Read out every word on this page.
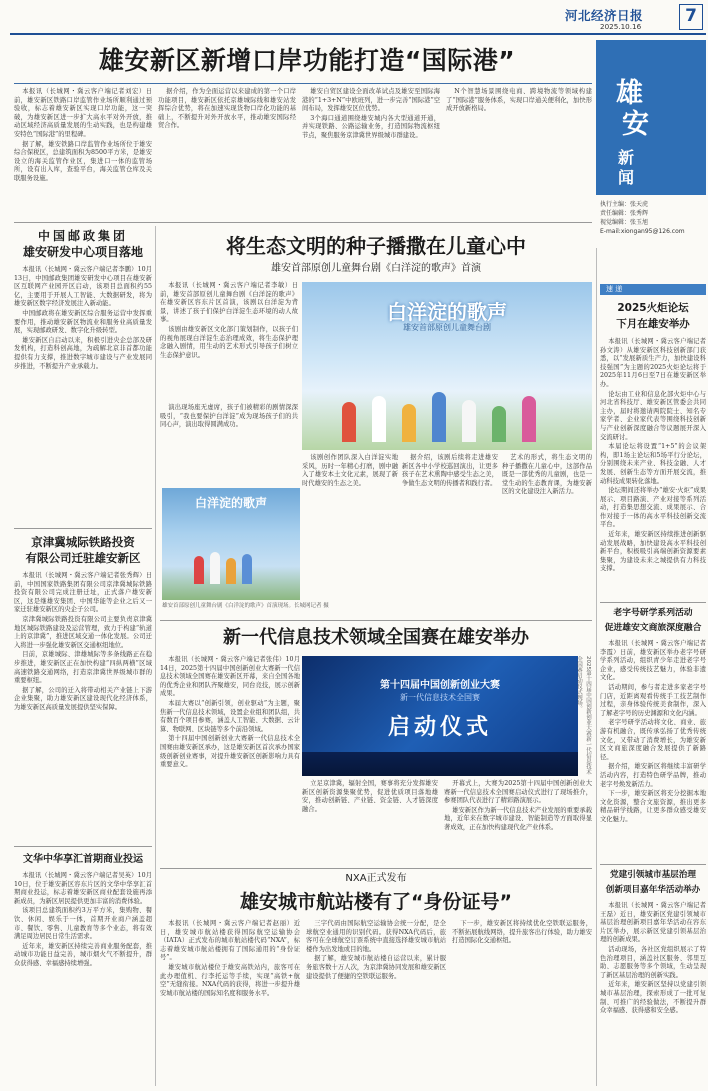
河北经济日报
2025.10.16
7
雄
安
新
闻
执行主编：张天虎
责任编辑：张秀辉
视觉编辑：张玉旭
E-mail:xiongan95@126.com
速 递
雄安新区新增口岸功能打造“国际港”

本报讯（长城网・冀云客户端记者刘宏）日前，雄安新区铁路口岸监管作业场所顺利通过预验收，标志着雄安新区实现口岸功能，这一突破，为雄安新区进一步扩大高水平对外开放，推动区域经济高质量发展的生动实践，也是构建雄安特色“国际港”的里程碑。

据了解，雄安铁路口岸监管作业场所位于雄安综合保税区，总建筑面积为8500平方米，是雄安设立的海关监管作业区，集进口一体的监管场所，设有出入库，查验平台，海关监管仓库及关联服务设施。

据介绍，作为全面运营以来建成的第一个口岸功能项目，雄安新区依托京雄城际线和雄安站发挥综合优势，将在加速实现货物口岸化功能的基础上，不断提升对外开放水平，推动雄安国际经贸合作。

雄安自贸区建设全面改革试点及雄安至国际海港的“1+3+N”中欧班列，进一步完善“国际港”空间布局，发挥雄安区位优势。

3个海口通道围绕雄安城内各大型通道开通，并实现铁路、公路运输业务，打造国际物流枢纽节点，聚焦服务京津冀世界级城市群建设。

N个智慧场景围绕电商、跨境物流等领域构建了“国际港”服务体系，实现口岸通关便利化，加快形成开放新格局。

中国邮政集团
雄安研发中心项目落地

本报讯（长城网・冀云客户端记者李鹏）10月13日，中国邮政集团雄安研发中心项目在雄安新区互联网产业园开区启动，该项目总面积约55亿，主要用于开展人工智能、大数据研发，将为雄安新区数字经济发展注入新动能。

中国邮政将在雄安新区综合服务运营中发挥重要作用，推动雄安新区物流业和服务业高质量发展，实现邮政研发、数字化升级转型。

雄安新区自启动以来，积极引进央企总部及研发机构，打造科创高地，为疏解北京非首都功能提供有力支撑，推进数字城市建设与产业发展同步推进，不断提升产业承载力。

京津冀城际铁路投资
有限公司迁驻雄安新区

本报讯（长城网・冀云客户端记者张秀辉）日前，中国国家铁路集团有限公司京津冀城际铁路投资有限公司完成注册迁址，正式落户雄安新区，这是继雄安集团、中国华能等企业之后又一家迁驻雄安新区的央企子公司。

京津冀城际铁路投资有限公司主要负责京津冀地区城际铁路建设及运营管理，致力于构建“轨道上的京津冀”，推进区域交通一体化发展。公司迁入将进一步强化雄安新区交通枢纽地位。

目前，京雄城际、津雄城际等多条线路正在稳步推进，雄安新区正在加快构建“四纵两横”区域高速铁路交通网络，打造京津冀世界级城市群的重要枢纽。

据了解，公司的迁入将带动相关产业链上下游企业集聚，助力雄安新区建设现代化经济体系，为雄安新区高质量发展提供坚实保障。

文华中华享汇首期商业投运

本报讯（长城网・冀云客户端记者吴英）10月10日，位于雄安新区容东片区的文华中华享汇首期商业投运，标志着雄安新区商业配套设施再添新成员，为新区居民提供更加丰富的消费体验。

该项目总建筑面积约3万平方米，集购物、餐饮、休闲、娱乐于一体，首期开业商户涵盖超市、餐饮、零售、儿童教育等多个业态，将有效满足周边居民日常生活需求。

近年来，雄安新区持续完善商业服务配套，推动城市功能日益完善，城市烟火气不断提升，群众获得感、幸福感持续增强。

将生态文明的种子播撒在儿童心中
雄安首部原创儿童舞台剧《白洋淀的歌声》首演

本报讯（长城网・冀云客户端记者李敏）日前，雄安首部原创儿童舞台剧《白洋淀的歌声》在雄安新区容东片区首演，该剧以白洋淀为背景，讲述了孩子们保护白洋淀生态环境的动人故事。

该剧由雄安新区文化部门策划制作，以孩子们的视角展现白洋淀生态治理成效，将生态保护理念融入剧情，用生动的艺术形式引导孩子们树立生态保护意识。

演出现场座无虚席，孩子们被精彩的剧情深深吸引，“我也要保护白洋淀”成为现场孩子们的共同心声，演出取得圆满成功。

白洋淀的歌声
白洋淀的歌声
雄安首部原创儿童舞台剧
雄安首部原创儿童舞台剧《白洋淀的歌声》首演现场。长城网记者 摄

该剧创作团队深入白洋淀实地采风，历时一年精心打磨，剧中融入了雄安本土文化元素，展现了新时代雄安的生态之美。

据介绍，该剧后续将走进雄安新区各中小学校巡回演出，让更多孩子在艺术熏陶中感受生态之美，争做生态文明的传播者和践行者。

艺术的形式，将生态文明的种子播撒在儿童心中，这部作品既是一部优秀的儿童剧，也是一堂生动的生态教育课，为雄安新区的文化建设注入新活力。

新一代信息技术领域全国赛在雄安举办

本报讯（长城网・冀云客户端记者张伟）10月14日，2025第十四届中国创新创业大赛新一代信息技术领域全国赛在雄安新区开幕，来自全国各地的优秀企业和团队齐聚雄安，同台竞技，展示创新成果。

本届大赛以“创新引领，创业驱动”为主题，聚焦新一代信息技术领域，设置企业组和团队组，共有数百个项目参赛，涵盖人工智能、大数据、云计算、物联网、区块链等多个前沿领域。

第十四届中国创新创业大赛新一代信息技术全国赛由雄安新区承办，这是雄安新区首次承办国家级创新创业赛事，对提升雄安新区创新影响力具有重要意义。

第十四届中国创新创业大赛
新一代信息技术全国赛
启动仪式	2025第十四届中国创新创业大赛新一代信息技术全国赛启动仪式现场。

立足京津冀，辐射全国，赛事将充分发挥雄安新区创新资源集聚优势，促进优质项目落地雄安，推动创新链、产业链、资金链、人才链深度融合。

开幕式上，大赛为2025第十四届中国创新创业大赛新一代信息技术全国赛启动仪式进行了现场推介，参赛团队代表进行了精彩路演展示。

雄安新区作为新一代信息技术产业发展的重要承载地，近年来在数字城市建设、智能制造等方面取得显著成效，正在加快构建现代化产业体系。

NXA正式发布
雄安城市航站楼有了“身份证号”

本报讯（长城网・冀云客户端记者赵丽）近日，雄安城市航站楼获得国际航空运输协会（IATA）正式发布的城市航站楼代码“NXA”，标志着雄安城市航站楼拥有了国际通用的“身份证号”。

雄安城市航站楼位于雄安高铁站内，旅客可在此办理值机、行李托运等手续，实现“高铁+航空”无缝衔接。NXA代码的获得，将进一步提升雄安城市航站楼的国际知名度和服务水平。

三字代码由国际航空运输协会统一分配，是全球航空业通用的识别代码。获得NXA代码后，旅客可在全球航空订票系统中直接选择雄安城市航站楼作为出发地或目的地。

据了解，雄安城市航站楼自运营以来，累计服务旅客数十万人次，为京津冀协同发展和雄安新区建设提供了便捷的空铁联运服务。

下一步，雄安新区将持续优化空铁联运服务，不断拓展航线网络，提升旅客出行体验，助力雄安打造国际化交通枢纽。

2025火炬论坛
下月在雄安举办

本报讯（长城网・冀云客户端记者孙文涛）从雄安新区科技创新部门获悉，以“发展新质生产力，加快建设科技强国”为主题的2025火炬论坛将于2025年11月6日至7日在雄安新区举办。

论坛由工业和信息化部火炬中心与河北省科技厅、雄安新区管委会共同主办，届时将邀请两院院士、知名专家学者、企业家代表等围绕科技创新与产业创新深度融合等议题展开深入交流研讨。

本届论坛将设置“1+5”的会议架构，即1场主论坛和5场平行分论坛，分别围绕未来产业、科技金融、人才发展、创新生态等方面开展交流，推动科技成果转化落地。

论坛期间还将举办“雄安·火炬”成果展示、项目路演、产业对接等系列活动，打造集思想交流、成果展示、合作对接于一体的高水平科技创新交流平台。

近年来，雄安新区持续推进创新驱动发展战略，加快建设高水平科技创新平台，积极吸引高端创新资源要素集聚，为建设未来之城提供有力科技支撑。

老字号研学系列活动
促进雄安文商旅深度融合

本报讯（长城网・冀云客户端记者李霞）日前，雄安新区举办老字号研学系列活动，组织青少年走进老字号企业，感受传统技艺魅力，体验非遗文化。

活动期间，参与者走进多家老字号门店，近距离观看传统手工技艺制作过程，亲身体验传统美食制作，深入了解老字号的历史渊源和文化内涵。

老字号研学活动将文化、商业、旅游有机融合，既传承弘扬了优秀传统文化，又带动了消费增长，为雄安新区文商旅深度融合发展提供了新路径。

据介绍，雄安新区将继续丰富研学活动内容，打造特色研学品牌，推动老字号焕发新活力。

下一步，雄安新区将充分挖掘本地文化资源，整合文旅资源，推出更多精品研学线路，让更多群众感受雄安文化魅力。

党建引领城市基层治理
创新项目嘉年华活动举办

本报讯（长城网・冀云客户端记者王磊）近日，雄安新区党建引领城市基层治理创新项目嘉年华活动在容东片区举办，展示新区党建引领基层治理的创新成果。

活动现场，各社区党组织展示了特色治理项目，涵盖社区服务、邻里互助、志愿服务等多个领域，生动呈现了新区基层治理的创新实践。

近年来，雄安新区坚持以党建引领城市基层治理，探索形成了一批可复制、可推广的经验做法，不断提升群众幸福感、获得感和安全感。
